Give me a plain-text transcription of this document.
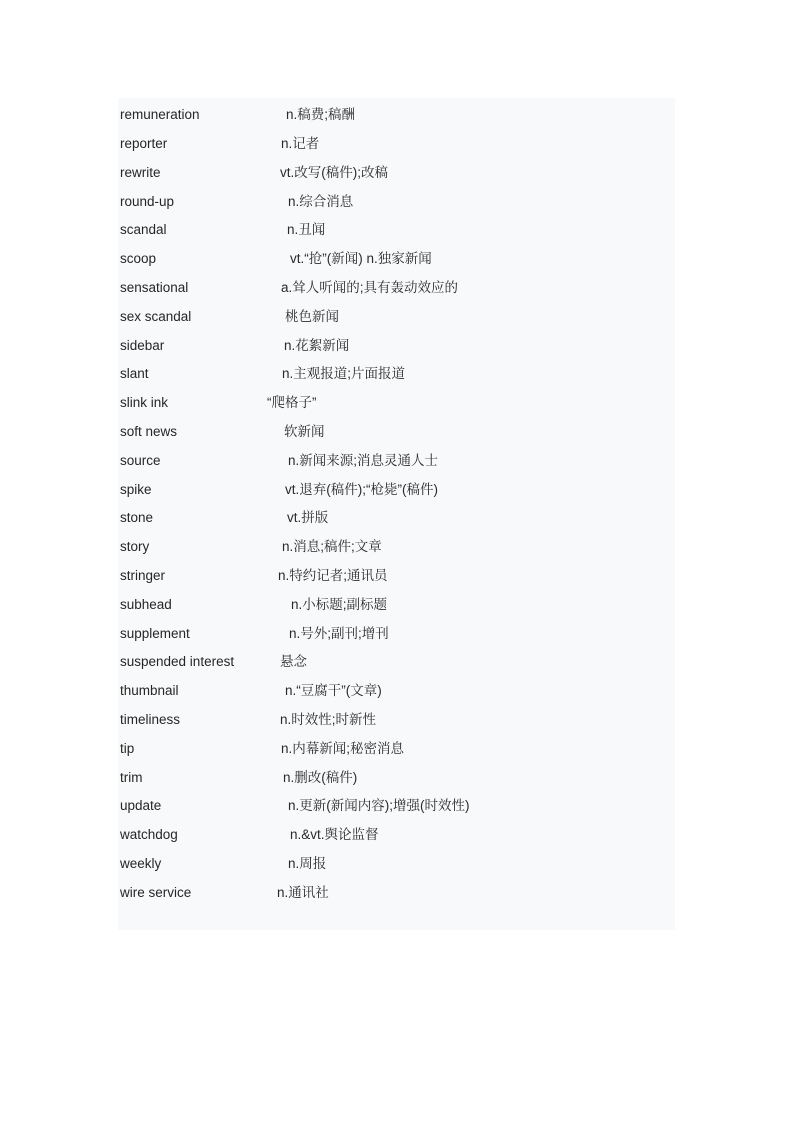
remuneration	n.稿费;稿酬
reporter	n.记者
rewrite	vt.改写(稿件);改稿
round-up	n.综合消息
scandal	n.丑闻
scoop	vt.“抢”(新闻) n.独家新闻
sensational	a.耸人听闻的;具有轰动效应的
sex scandal	桃色新闻
sidebar	n.花絮新闻
slant	n.主观报道;片面报道
slink ink	“爬格子”
soft news	软新闻
source	n.新闻来源;消息灵通人士
spike	vt.退弃(稿件);“枪毙”(稿件)
stone	vt.拼版
story	n.消息;稿件;文章
stringer	n.特约记者;通讯员
subhead	n.小标题;副标题
supplement	n.号外;副刊;增刊
suspended interest	悬念
thumbnail	n.“豆腐干”(文章)
timeliness	n.时效性;时新性
tip	n.内幕新闻;秘密消息
trim	n.删改(稿件)
update	n.更新(新闻内容);增强(时效性)
watchdog	n.&vt.舆论监督
weekly	n.周报
wire service	n.通讯社
